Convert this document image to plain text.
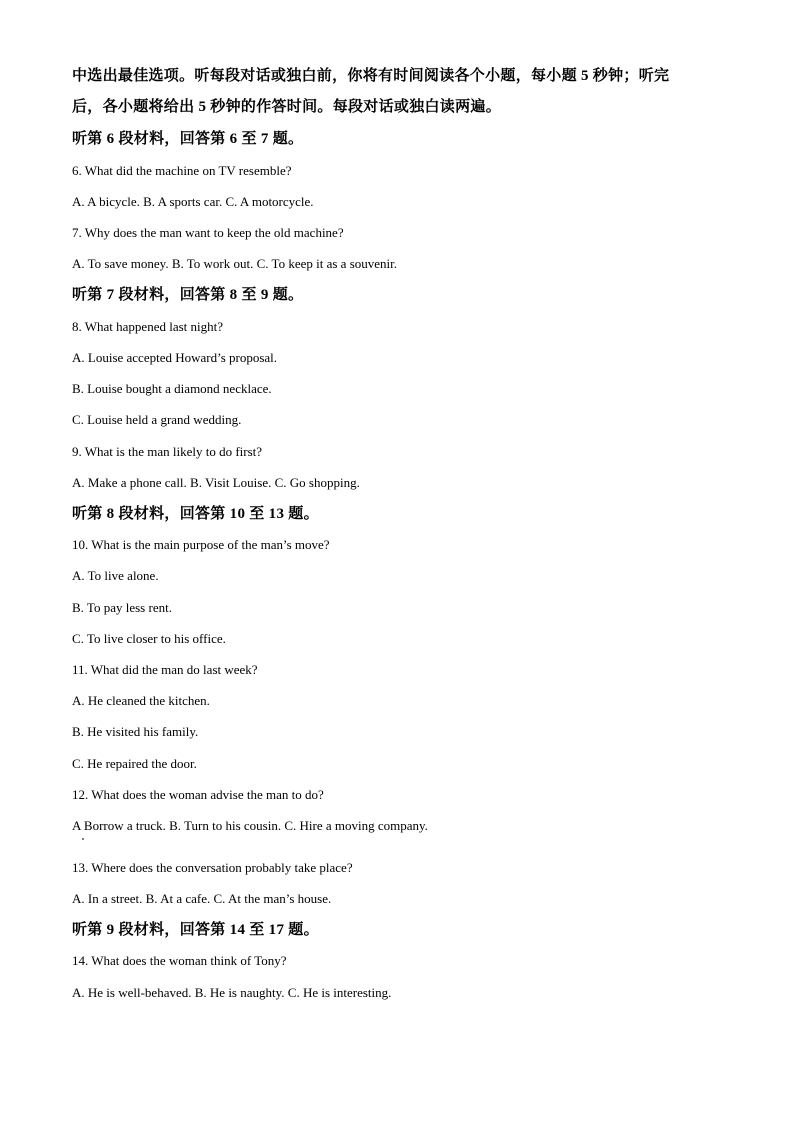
中选出最佳选项。听每段对话或独白前，你将有时间阅读各个小题，每小题 5 秒钟；听完
后，各小题将给出 5 秒钟的作答时间。每段对话或独白读两遍。
听第 6 段材料，回答第 6 至 7 题。
6. What did the machine on TV resemble?
A. A bicycle. B. A sports car. C. A motorcycle.
7. Why does the man want to keep the old machine?
A. To save money. B. To work out. C. To keep it as a souvenir.
听第 7 段材料，回答第 8 至 9 题。
8. What happened last night?
A. Louise accepted Howard’s proposal.
B. Louise bought a diamond necklace.
C. Louise held a grand wedding.
9. What is the man likely to do first?
A. Make a phone call. B. Visit Louise. C. Go shopping.
听第 8 段材料，回答第 10 至 13 题。
10. What is the main purpose of the man’s move?
A. To live alone.
B. To pay less rent.
C. To live closer to his office.
11. What did the man do last week?
A. He cleaned the kitchen.
B. He visited his family.
C. He repaired the door.
12. What does the woman advise the man to do?
A Borrow a truck. B. Turn to his cousin. C. Hire a moving company.
13. Where does the conversation probably take place?
A. In a street. B. At a cafe. C. At the man’s house.
听第 9 段材料，回答第 14 至 17 题。
14. What does the woman think of Tony?
A. He is well-behaved. B. He is naughty. C. He is interesting.
